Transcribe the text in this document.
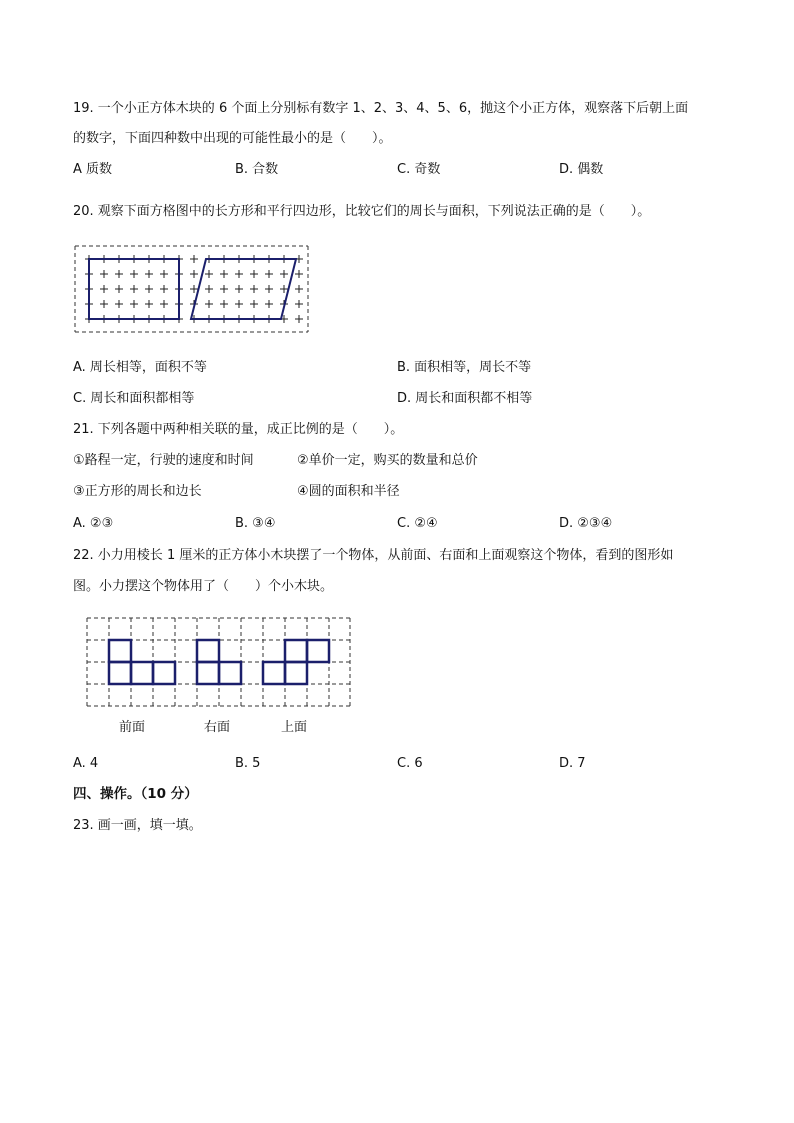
19. 一个小正方体木块的 6 个面上分别标有数字 1、2、3、4、5、6，抛这个小正方体，观察落下后朝上面
的数字，下面四种数中出现的可能性最小的是（　　）。
A 质数	B. 合数	C. 奇数	D. 偶数
20. 观察下面方格图中的长方形和平行四边形，比较它们的周长与面积，下列说法正确的是（　　）。
A. 周长相等，面积不等	B. 面积相等，周长不等
C. 周长和面积都相等	D. 周长和面积都不相等
21. 下列各题中两种相关联的量，成正比例的是（　　）。
①路程一定，行驶的速度和时间	②单价一定，购买的数量和总价
③正方形的周长和边长	④圆的面积和半径
A. ②③	B. ③④	C. ②④	D. ②③④
22. 小力用棱长 1 厘米的正方体小木块摆了一个物体，从前面、右面和上面观察这个物体，看到的图形如
图。小力摆这个物体用了（　　）个小木块。
前面	右面	上面
A. 4	B. 5	C. 6	D. 7
四、操作。（10 分）
23. 画一画，填一填。
